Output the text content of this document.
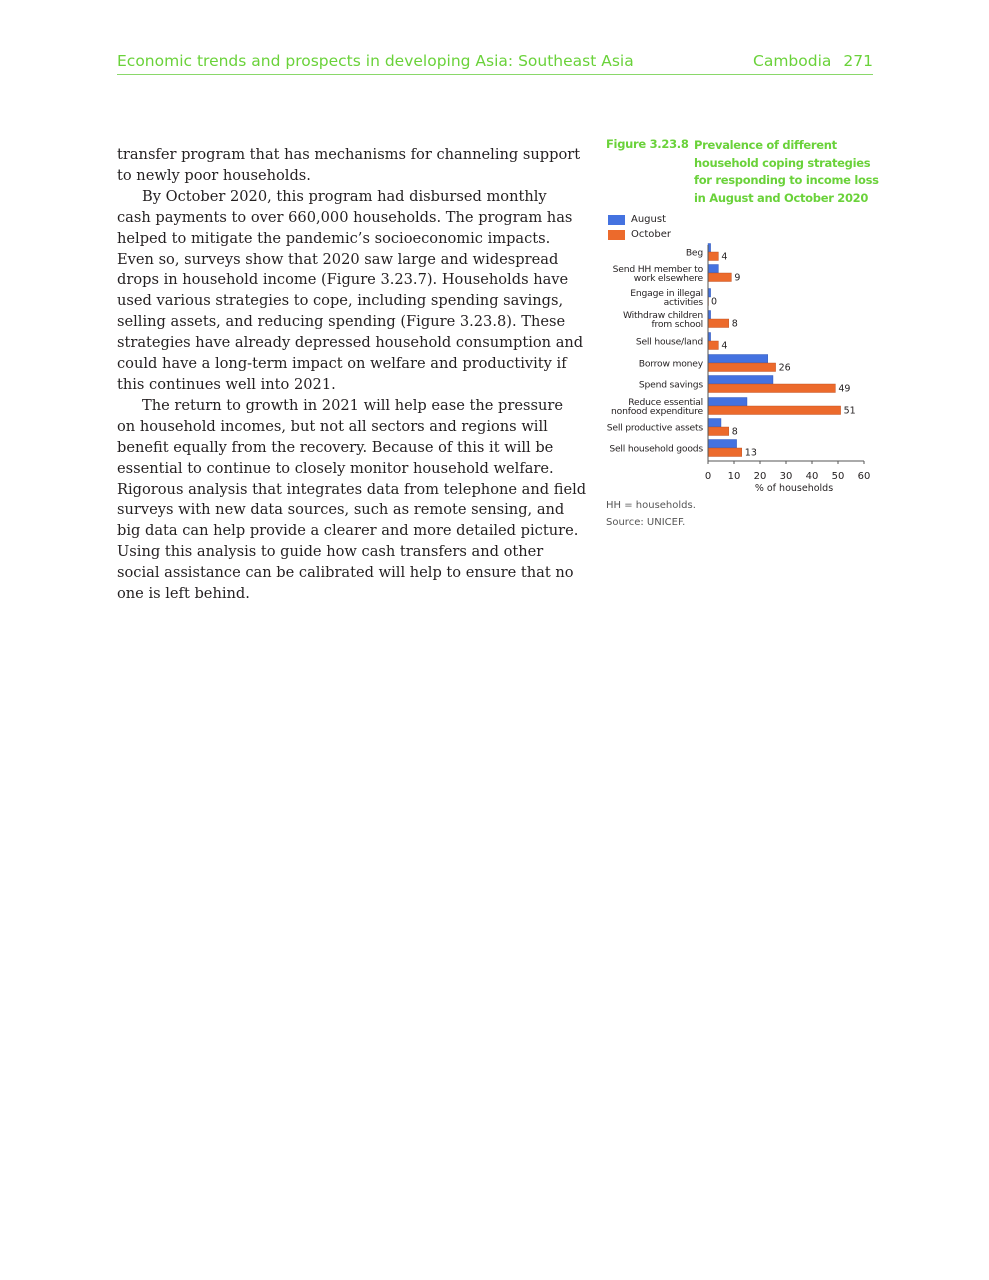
Economic trends and prospects in developing Asia: Southeast Asia	Cambodia 271

transfer program that has mechanisms for channeling support
to newly poor households.

By October 2020, this program had disbursed monthly
cash payments to over 660,000 households. The program has
helped to mitigate the pandemic’s socioeconomic impacts.
Even so, surveys show that 2020 saw large and widespread
drops in household income (Figure 3.23.7). Households have
used various strategies to cope, including spending savings,
selling assets, and reducing spending (Figure 3.23.8). These
strategies have already depressed household consumption and
could have a long-term impact on welfare and productivity if
this continues well into 2021.

The return to growth in 2021 will help ease the pressure
on household incomes, but not all sectors and regions will
benefit equally from the recovery. Because of this it will be
essential to continue to closely monitor household welfare.
Rigorous analysis that integrates data from telephone and field
surveys with new data sources, such as remote sensing, and
big data can help provide a clearer and more detailed picture.
Using this analysis to guide how cash transfers and other
social assistance can be calibrated will help to ensure that no
one is left behind.

Figure 3.23.8 Prevalence of different
household coping strategies
for responding to income loss
in August and October 2020
August
October
Beg 4
Send HH member to
work elsewhere	9
Engage in illegal
activities 0
Withdraw children
from school	8
Sell house/land 4
Borrow money	26
Spend savings	49
Reduce essential
nonfood expenditure	51
Sell productive assets	8
Sell household goods	13
0 10 20 30 40 50 60
% of households
HH = households.
Source: UNICEF.
